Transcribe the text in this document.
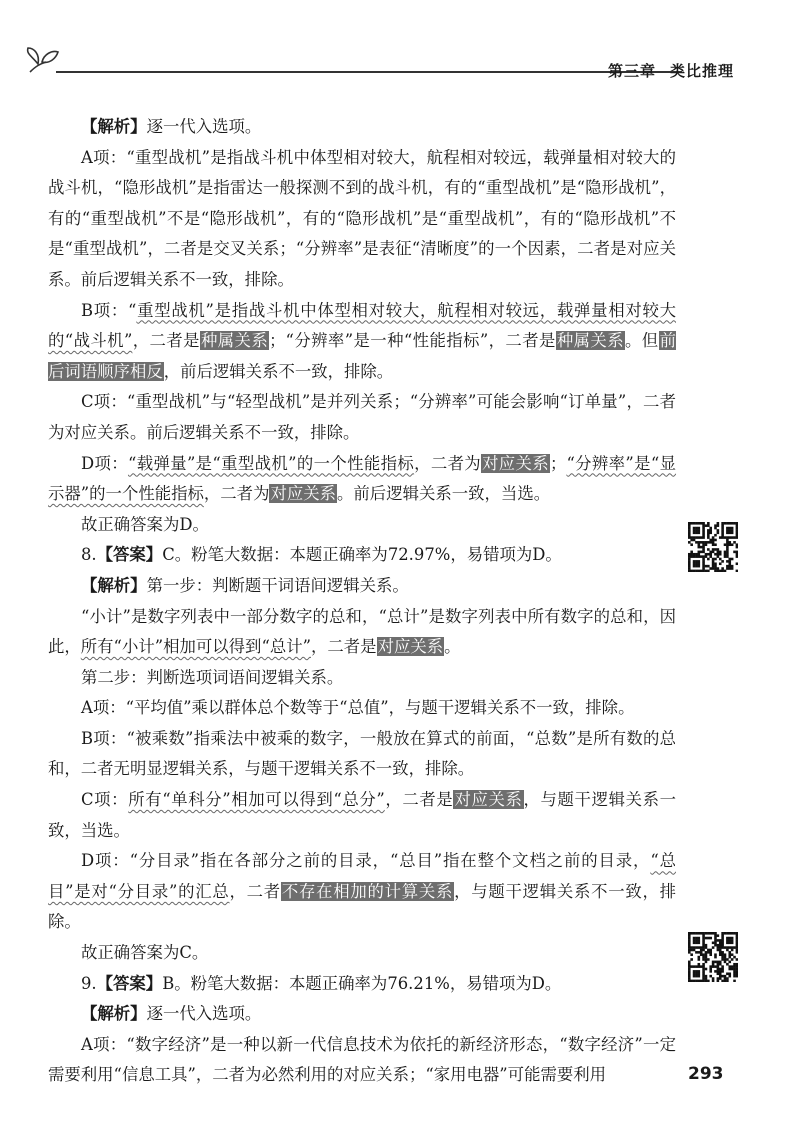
第三章 类比推理

【解析】逐一代入选项。

A项：“重型战机”是指战斗机中体型相对较大，航程相对较远，载弹量相对较大的战斗机，“隐形战机”是指雷达一般探测不到的战斗机，有的“重型战机”是“隐形战机”，有的“重型战机”不是“隐形战机”，有的“隐形战机”是“重型战机”，有的“隐形战机”不是“重型战机”，二者是交叉关系；“分辨率”是表征“清晰度”的一个因素，二者是对应关系。前后逻辑关系不一致，排除。

B项：“重型战机”是指战斗机中体型相对较大，航程相对较远，载弹量相对较大的“战斗机”，二者是种属关系；“分辨率”是一种“性能指标”，二者是种属关系。但前后词语顺序相反，前后逻辑关系不一致，排除。

C项：“重型战机”与“轻型战机”是并列关系；“分辨率”可能会影响“订单量”，二者为对应关系。前后逻辑关系不一致，排除。

D项：“载弹量”是“重型战机”的一个性能指标，二者为对应关系；“分辨率”是“显示器”的一个性能指标，二者为对应关系。前后逻辑关系一致，当选。

故正确答案为D。

8.【答案】C。粉笔大数据：本题正确率为72.97%，易错项为D。

【解析】第一步：判断题干词语间逻辑关系。

“小计”是数字列表中一部分数字的总和，“总计”是数字列表中所有数字的总和，因此，所有“小计”相加可以得到“总计”，二者是对应关系。

第二步：判断选项词语间逻辑关系。

A项：“平均值”乘以群体总个数等于“总值”，与题干逻辑关系不一致，排除。

B项：“被乘数”指乘法中被乘的数字，一般放在算式的前面，“总数”是所有数的总和，二者无明显逻辑关系，与题干逻辑关系不一致，排除。

C项：所有“单科分”相加可以得到“总分”，二者是对应关系，与题干逻辑关系一致，当选。

D项：“分目录”指在各部分之前的目录，“总目”指在整个文档之前的目录，“总目”是对“分目录”的汇总，二者不存在相加的计算关系，与题干逻辑关系不一致，排除。

故正确答案为C。

9.【答案】B。粉笔大数据：本题正确率为76.21%，易错项为D。

【解析】逐一代入选项。

A项：“数字经济”是一种以新一代信息技术为依托的新经济形态，“数字经济”一定需要利用“信息工具”，二者为必然利用的对应关系；“家用电器”可能需要利用	293
